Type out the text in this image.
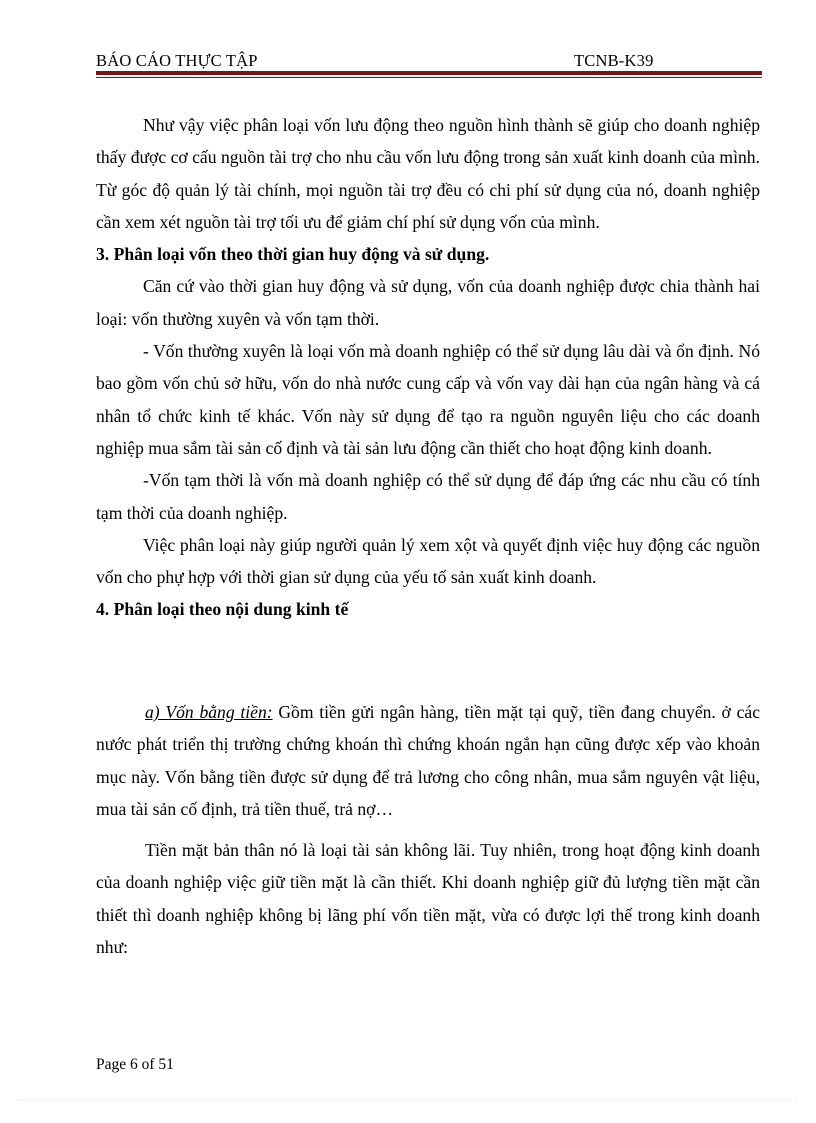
BÁO CÁO THỰC TẬP	TCNB-K39

Như vậy việc phân loại vốn lưu động theo nguồn hình thành sẽ giúp cho doanh nghiệp thấy được cơ cấu nguồn tài trợ cho nhu cầu vốn lưu động trong sản xuất kinh doanh của mình. Từ góc độ quản lý tài chính, mọi nguồn tài trợ đều có chi phí sử dụng của nó, doanh nghiệp cần xem xét nguồn tài trợ tối ưu để giảm chí phí sử dụng vốn của mình.

3. Phân loại vốn theo thời gian huy động và sử dụng.

Căn cứ vào thời gian huy động và sử dụng, vốn của doanh nghiệp được chia thành hai loại: vốn thường xuyên và vốn tạm thời.

- Vốn thường xuyên là loại vốn mà doanh nghiệp có thể sử dụng lâu dài và ổn định. Nó bao gồm vốn chủ sở hữu, vốn do nhà nước cung cấp và vốn vay dài hạn của ngân hàng và cá nhân tổ chức kinh tế khác. Vốn này sử dụng để tạo ra nguồn nguyên liệu cho các doanh nghiệp mua sắm tài sản cố định và tài sản lưu động cần thiết cho hoạt động kinh doanh.

-Vốn tạm thời là vốn mà doanh nghiệp có thể sử dụng để đáp ứng các nhu cầu có tính tạm thời của doanh nghiệp.

Việc phân loại này giúp người quản lý xem xột và quyết định việc huy động các nguồn vốn cho phự hợp với thời gian sử dụng của yếu tố sản xuất kinh doanh.

4. Phân loại theo nội dung kinh tế

a) Vốn bằng tiền: Gồm tiền gửi ngân hàng, tiền mặt tại quỹ, tiền đang chuyển. ở các nước phát triển thị trường chứng khoán thì chứng khoán ngắn hạn cũng được xếp vào khoản mục này. Vốn bằng tiền được sử dụng để trả lương cho công nhân, mua sắm nguyên vật liệu, mua tài sản cố định, trả tiền thuế, trả nợ…

Tiền mặt bản thân nó là loại tài sản không lãi. Tuy nhiên, trong hoạt động kinh doanh của doanh nghiệp việc giữ tiền mặt là cần thiết. Khi doanh nghiệp giữ đủ lượng tiền mặt cần thiết thì doanh nghiệp không bị lãng phí vốn tiền mặt, vừa có được lợi thế trong kinh doanh như:

Page 6 of 51
